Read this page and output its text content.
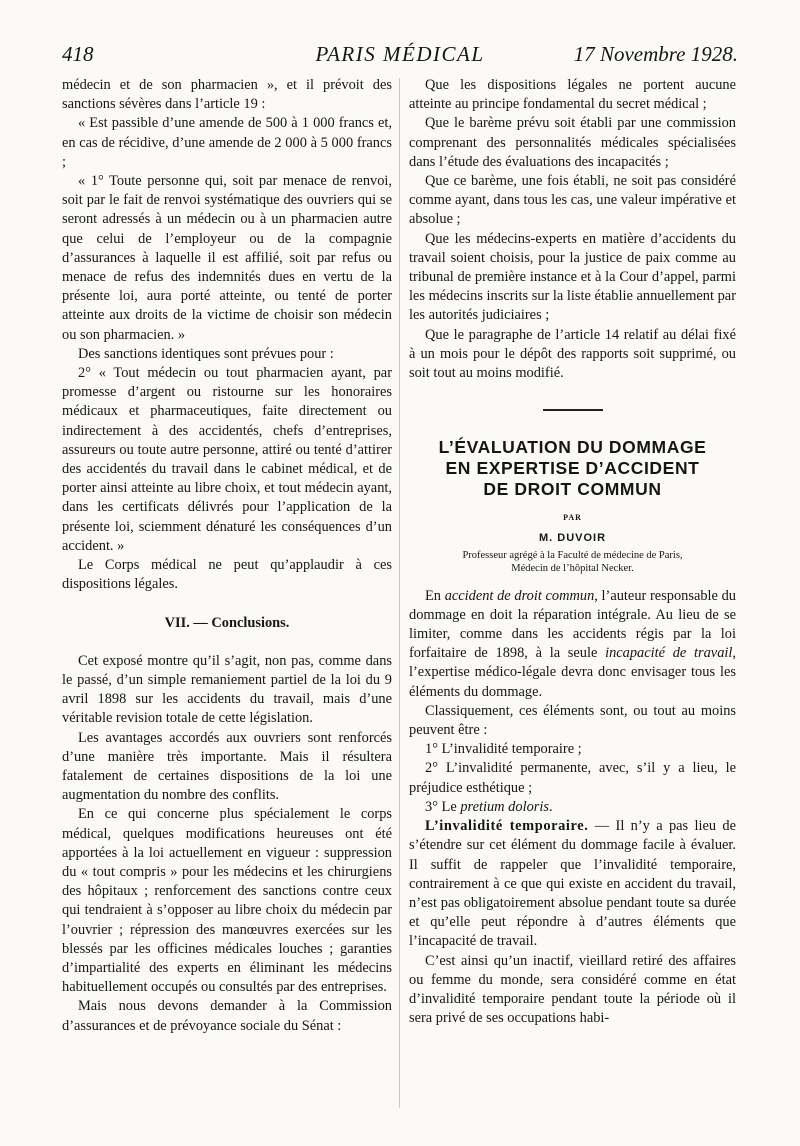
418	PARIS MÉDICAL	17 Novembre 1928.

médecin et de son pharmacien », et il prévoit des sanctions sévères dans l’article 19 :

« Est passible d’une amende de 500 à 1 000 francs et, en cas de récidive, d’une amende de 2 000 à 5 000 francs ;

« 1° Toute personne qui, soit par menace de renvoi, soit par le fait de renvoi systématique des ouvriers qui se seront adressés à un médecin ou à un pharmacien autre que celui de l’employeur ou de la compagnie d’assurances à laquelle il est affilié, soit par refus ou menace de refus des indemnités dues en vertu de la présente loi, aura porté atteinte, ou tenté de porter atteinte aux droits de la victime de choisir son médecin ou son pharmacien. »

Des sanctions identiques sont prévues pour :

2° « Tout médecin ou tout pharmacien ayant, par promesse d’argent ou ristourne sur les honoraires médicaux et pharmaceutiques, faite directement ou indirectement à des accidentés, chefs d’entreprises, assureurs ou toute autre personne, attiré ou tenté d’attirer des accidentés du travail dans le cabinet médical, et de porter ainsi atteinte au libre choix, et tout médecin ayant, dans les certificats délivrés pour l’application de la présente loi, sciemment dénaturé les conséquences d’un accident. »

Le Corps médical ne peut qu’applaudir à ces dispositions légales.

VII. — Conclusions.

Cet exposé montre qu’il s’agit, non pas, comme dans le passé, d’un simple remaniement partiel de la loi du 9 avril 1898 sur les accidents du travail, mais d’une véritable revision totale de cette législation.

Les avantages accordés aux ouvriers sont renforcés d’une manière très importante. Mais il résultera fatalement de certaines dispositions de la loi une augmentation du nombre des conflits.

En ce qui concerne plus spécialement le corps médical, quelques modifications heureuses ont été apportées à la loi actuellement en vigueur : suppression du « tout compris » pour les médecins et les chirurgiens des hôpitaux ; renforcement des sanctions contre ceux qui tendraient à s’opposer au libre choix du médecin par l’ouvrier ; répression des manœuvres exercées sur les blessés par les officines médicales louches ; garanties d’impartialité des experts en éliminant les médecins habituellement occupés ou consultés par des entreprises.

Mais nous devons demander à la Commission d’assurances et de prévoyance sociale du Sénat :

Que les dispositions légales ne portent aucune atteinte au principe fondamental du secret médical ;

Que le barème prévu soit établi par une commission comprenant des personnalités médicales spécialisées dans l’étude des évaluations des incapacités ;

Que ce barème, une fois établi, ne soit pas considéré comme ayant, dans tous les cas, une valeur impérative et absolue ;

Que les médecins-experts en matière d’accidents du travail soient choisis, pour la justice de paix comme au tribunal de première instance et à la Cour d’appel, parmi les médecins inscrits sur la liste établie annuellement par les autorités judiciaires ;

Que le paragraphe de l’article 14 relatif au délai fixé à un mois pour le dépôt des rapports soit supprimé, ou soit tout au moins modifié.

L’ÉVALUATION DU DOMMAGE
EN EXPERTISE D’ACCIDENT
DE DROIT COMMUN
PAR
M. DUVOIR
Professeur agrégé à la Faculté de médecine de Paris,
Médecin de l’hôpital Necker.

En accident de droit commun, l’auteur responsable du dommage en doit la réparation intégrale. Au lieu de se limiter, comme dans les accidents régis par la loi forfaitaire de 1898, à la seule incapacité de travail, l’expertise médico-légale devra donc envisager tous les éléments du dommage.

Classiquement, ces éléments sont, ou tout au moins peuvent être :

1° L’invalidité temporaire ;

2° L’invalidité permanente, avec, s’il y a lieu, le préjudice esthétique ;

3° Le pretium doloris.

L’invalidité temporaire. — Il n’y a pas lieu de s’étendre sur cet élément du dommage facile à évaluer. Il suffit de rappeler que l’invalidité temporaire, contrairement à ce que qui existe en accident du travail, n’est pas obligatoirement absolue pendant toute sa durée et qu’elle peut répondre à d’autres éléments que l’incapacité de travail.

C’est ainsi qu’un inactif, vieillard retiré des affaires ou femme du monde, sera considéré comme en état d’invalidité temporaire pendant toute la période où il sera privé de ses occupations habi-
